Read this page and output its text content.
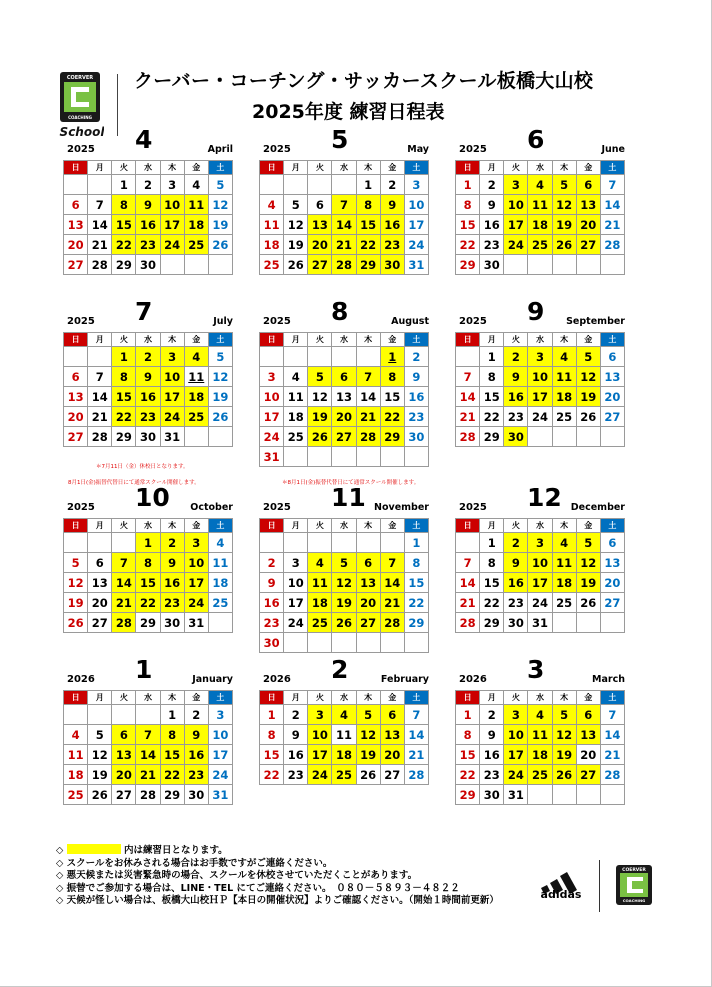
COERVER
COACHING
School
クーバー・コーチング・サッカースクール板橋大山校
2025年度 練習日程表
2025 4	April
日	月	火	水	木	金	土
		1	2	3	4	5
6	7	8	9	10	11	12
13	14	15	16	17	18	19
20	21	22	23	24	25	26
27	28	29	30			
2025 5	May
日	月	火	水	木	金	土
				1	2	3
4	5	6	7	8	9	10
11	12	13	14	15	16	17
18	19	20	21	22	23	24
25	26	27	28	29	30	31
2025 6	June
日	月	火	水	木	金	土
1	2	3	4	5	6	7
8	9	10	11	12	13	14
15	16	17	18	19	20	21
22	23	24	25	26	27	28
29	30					
2025 7	July
日	月	火	水	木	金	土
		1	2	3	4	5
6	7	8	9	10	11	12
13	14	15	16	17	18	19
20	21	22	23	24	25	26
27	28	29	30	31		
2025 8	August
日	月	火	水	木	金	土
					1	2
3	4	5	6	7	8	9
10	11	12	13	14	15	16
17	18	19	20	21	22	23
24	25	26	27	28	29	30
31						
2025 9 September
日	月	火	水	木	金	土
	1	2	3	4	5	6
7	8	9	10	11	12	13
14	15	16	17	18	19	20
21	22	23	24	25	26	27
28	29	30				
2025 10 October
日	月	火	水	木	金	土
			1	2	3	4
5	6	7	8	9	10	11
12	13	14	15	16	17	18
19	20	21	22	23	24	25
26	27	28	29	30	31	
2025 11 November
日	月	火	水	木	金	土
						1
2	3	4	5	6	7	8
9	10	11	12	13	14	15
16	17	18	19	20	21	22
23	24	25	26	27	28	29
30						
2025 12 December
日	月	火	水	木	金	土
	1	2	3	4	5	6
7	8	9	10	11	12	13
14	15	16	17	18	19	20
21	22	23	24	25	26	27
28	29	30	31			
2026 1	January
日	月	火	水	木	金	土
				1	2	3
4	5	6	7	8	9	10
11	12	13	14	15	16	17
18	19	20	21	22	23	24
25	26	27	28	29	30	31
2026 2	February
日	月	火	水	木	金	土
1	2	3	4	5	6	7
8	9	10	11	12	13	14
15	16	17	18	19	20	21
22	23	24	25	26	27	28
2026 3	March
日	月	火	水	木	金	土
1	2	3	4	5	6	7
8	9	10	11	12	13	14
15	16	17	18	19	20	21
22	23	24	25	26	27	28
29	30	31				
＊7月11日（金）休校日となります。
8月1日(金)振替代替日にて通常スクール開催します。	＊8月1日(金)振替代替日にて通常スクール開催します。
◇	内は練習日となります。
◇ スクールをお休みされる場合はお手数ですがご連絡ください。
◇ 悪天候または災害緊急時の場合、スクールを休校させていただくことがあります。
◇ 振替でご参加する場合は、LINE・TEL にてご連絡ください。　０８０－５８９３－４８２２
◇ 天候が怪しい場合は、板橋大山校ＨＰ【本日の開催状況】よりご確認ください。（開始１時間前更新）	adidas
COERVER
COACHING
